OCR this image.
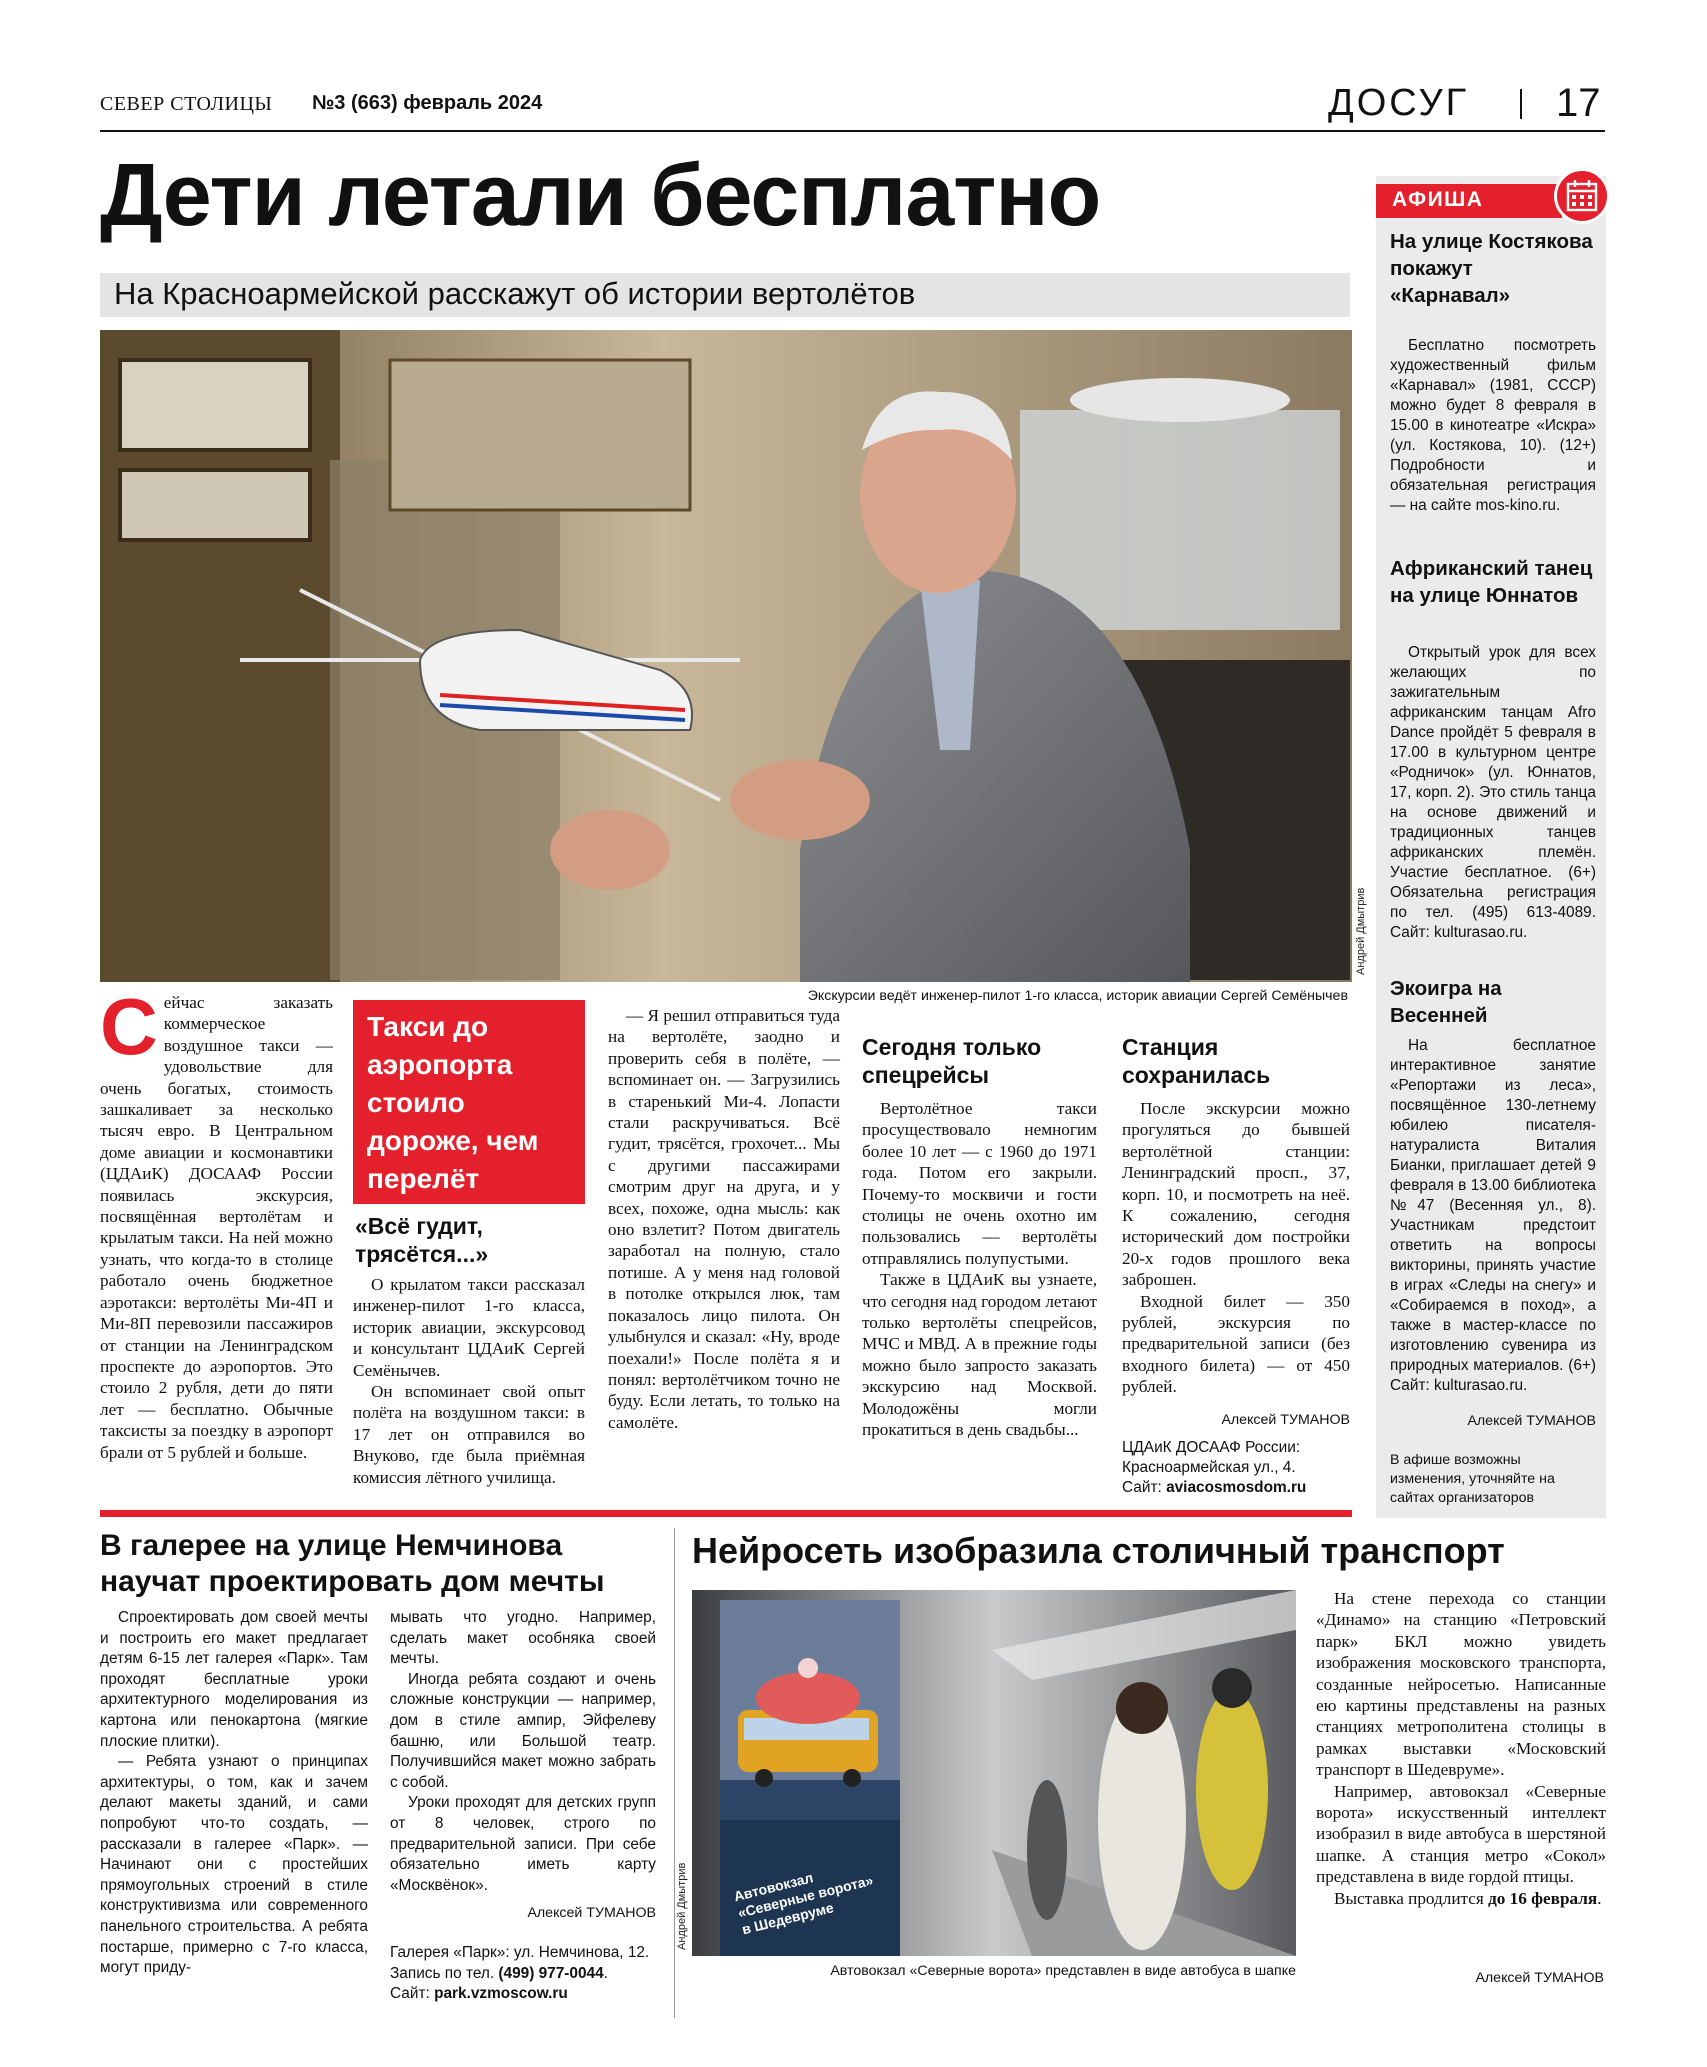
СЕВЕР СТОЛИЦЫ №3 (663) февраль 2024	ДОСУГ 17
Дети летали бесплатно
На Красноармейской расскажут об истории вертолётов
Андрей Дмытрив
Экскурсии ведёт инженер-пилот 1-го класса, историк авиации Сергей Семёнычев
С ейчас заказать коммерческое воздушное такси — удовольствие для очень богатых, стоимость зашкаливает за несколько тысяч евро. В Центральном доме авиации и космонавтики (ЦДАиК) ДОСААФ России появилась экскурсия, посвящённая вертолётам и крылатым такси. На ней можно узнать, что когда-то в столице работало очень бюджетное аэротакси: вертолёты Ми-4П и Ми-8П перевозили пассажиров от станции на Ленинградском проспекте до аэропортов. Это стоило 2 рубля, дети до пяти лет — бесплатно. Обычные таксисты за поездку в аэропорт брали от 5 рублей и больше.

Такси до аэропорта стоило дороже, чем перелёт
«Всё гудит, трясётся...»

О крылатом такси рассказал инженер-пилот 1-го класса, историк авиации, экскурсовод и консультант ЦДАиК Сергей Семёнычев.

Он вспоминает свой опыт полёта на воздушном такси: в 17 лет он отправился во Внуково, где была приёмная комиссия лётного училища.

— Я решил отправиться туда на вертолёте, заодно и проверить себя в полёте, — вспоминает он. — Загрузились в старенький Ми-4. Лопасти стали раскручиваться. Всё гудит, трясётся, грохочет... Мы с другими пассажирами смотрим друг на друга, и у всех, похоже, одна мысль: как оно взлетит? Потом двигатель заработал на полную, стало потише. А у меня над головой в потолке открылся люк, там показалось лицо пилота. Он улыбнулся и сказал: «Ну, вроде поехали!» После полёта я и понял: вертолётчиком точно не буду. Если летать, то только на самолёте.

Сегодня только спецрейсы

Вертолётное такси просуществовало немногим более 10 лет — с 1960 до 1971 года. Потом его закрыли. Почему-то москвичи и гости столицы не очень охотно им пользовались — вертолёты отправлялись полупустыми.

Также в ЦДАиК вы узнаете, что сегодня над городом летают только вертолёты спецрейсов, МЧС и МВД. А в прежние годы можно было запросто заказать экскурсию над Москвой. Молодожёны могли прокатиться в день свадьбы...

Станция сохранилась

После экскурсии можно прогуляться до бывшей вертолётной станции: Ленинградский просп., 37, корп. 10, и посмотреть на неё. К сожалению, сегодня исторический дом постройки 20-х годов прошлого века заброшен.

Входной билет — 350 рублей, экскурсия по предварительной записи (без входного билета) — от 450 рублей.

Алексей ТУМАНОВ
ЦДАиК ДОСААФ России:
Красноармейская ул., 4.
Сайт: aviacosmosdom.ru
АФИША
На улице Костякова покажут «Карнавал»

Бесплатно посмотреть художественный фильм «Карнавал» (1981, СССР) можно будет 8 февраля в 15.00 в кинотеатре «Искра» (ул. Костякова, 10). (12+) Подробности и обязательная регистрация — на сайте mos-kino.ru.

Африканский танец на улице Юннатов

Открытый урок для всех желающих по зажигательным африканским танцам Afro Dance пройдёт 5 февраля в 17.00 в культурном центре «Родничок» (ул. Юннатов, 17, корп. 2). Это стиль танца на основе движений и традиционных танцев африканских племён. Участие бесплатное. (6+) Обязательна регистрация по тел. (495) 613-4089. Сайт: kulturasao.ru.

Экоигра на Весенней

На бесплатное интерактивное занятие «Репортажи из леса», посвящённое 130-летнему юбилею писателя-натуралиста Виталия Бианки, приглашает детей 9 февраля в 13.00 библиотека №47 (Весенняя ул., 8). Участникам предстоит ответить на вопросы викторины, принять участие в играх «Следы на снегу» и «Собираемся в поход», а также в мастер-классе по изготовлению сувенира из природных материалов. (6+) Сайт: kulturasao.ru.

Алексей ТУМАНОВ
В афише возможны изменения, уточняйте на сайтах организаторов
В галерее на улице Немчинова научат проектировать дом мечты

Спроектировать дом своей мечты и построить его макет предлагает детям 6-15 лет галерея «Парк». Там проходят бесплатные уроки архитектурного моделирования из картона или пенокартона (мягкие плоские плитки).

— Ребята узнают о принципах архитектуры, о том, как и зачем делают макеты зданий, и сами попробуют что-то создать, — рассказали в галерее «Парк». — Начинают они с простейших прямоугольных строений в стиле конструктивизма или современного панельного строительства. А ребята постарше, примерно с 7-го класса, могут приду-

мывать что угодно. Например, сделать макет особняка своей мечты.

Иногда ребята создают и очень сложные конструкции — например, дом в стиле ампир, Эйфелеву башню, или Большой театр. Получившийся макет можно забрать с собой.

Уроки проходят для детских групп от 8 человек, строго по предварительной записи. При себе обязательно иметь карту «Москвёнок».

Алексей ТУМАНОВ
Галерея «Парк»: ул. Немчинова, 12.
Запись по тел. (499) 977-0044.
Сайт: park.vzmoscow.ru
Нейросеть изобразила столичный транспорт
Автовокзал «Северные ворота» в Шедевруме
Андрей Дмытрив
Автовокзал «Северные ворота» представлен в виде автобуса в шапке

На стене перехода со станции «Динамо» на станцию «Петровский парк» БКЛ можно увидеть изображения московского транспорта, созданные нейросетью. Написанные ею картины представлены на разных станциях метрополитена столицы в рамках выставки «Московский транспорт в Шедевруме».

Например, автовокзал «Северные ворота» искусственный интеллект изобразил в виде автобуса в шерстяной шапке. А станция метро «Сокол» представлена в виде гордой птицы.

Выставка продлится до 16 февраля.

Алексей ТУМАНОВ
